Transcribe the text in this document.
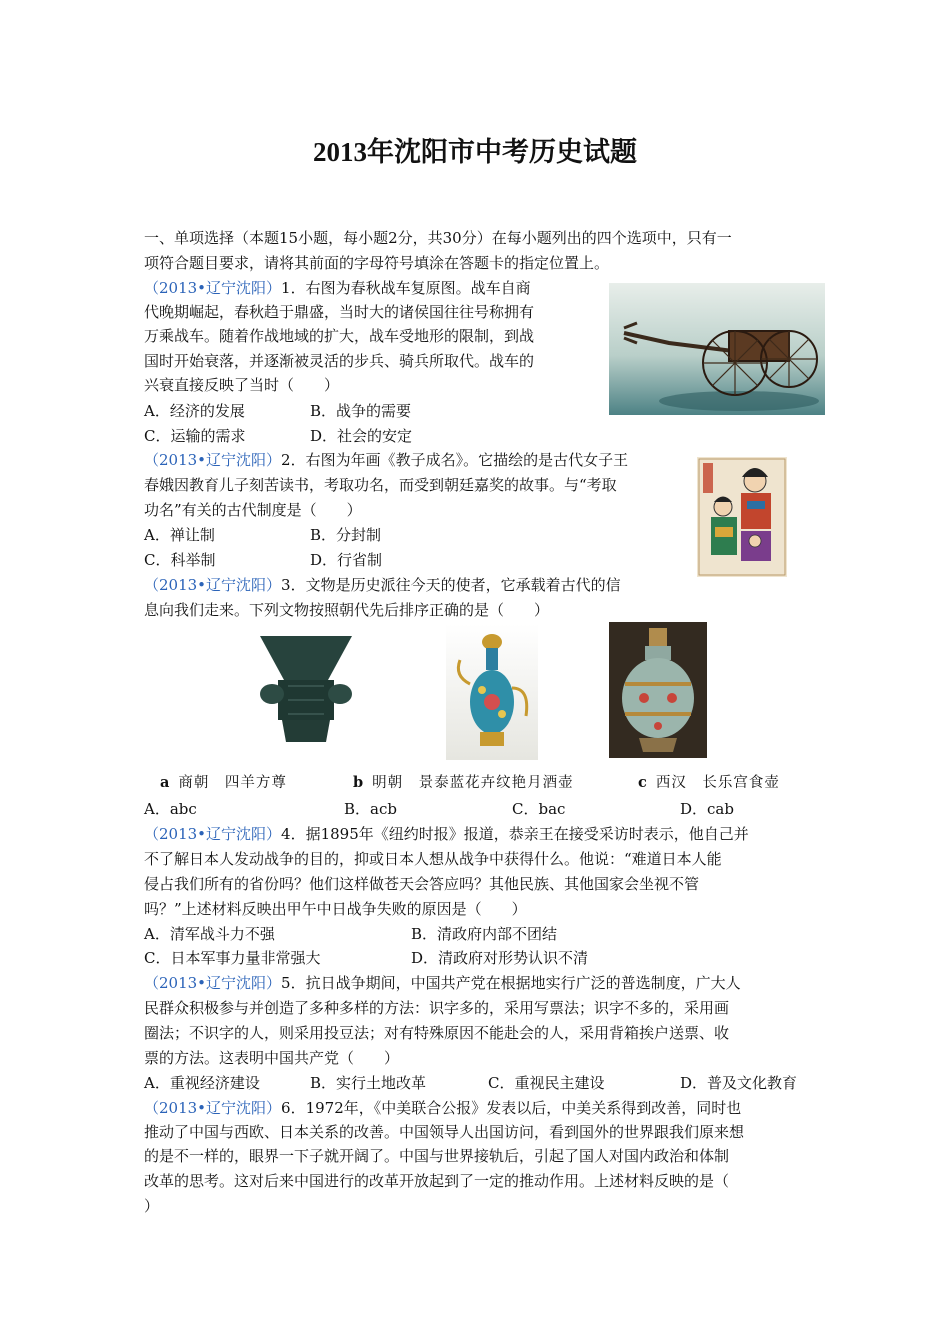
2013年沈阳市中考历史试题
一、单项选择（本题15小题，每小题2分，共30分）在每小题列出的四个选项中，只有一
项符合题目要求，请将其前面的字母符号填涂在答题卡的指定位置上。
（2013•辽宁沈阳）1．右图为春秋战车复原图。战车自商
代晚期崛起，春秋趋于鼎盛，当时大的诸侯国往往号称拥有
万乘战车。随着作战地域的扩大，战车受地形的限制，到战
国时开始衰落，并逐渐被灵活的步兵、骑兵所取代。战车的
兴衰直接反映了当时（　　）
A．经济的发展	B．战争的需要
C．运输的需求	D．社会的安定
（2013•辽宁沈阳）2．右图为年画《教子成名》。它描绘的是古代女子王
春娥因教育儿子刻苦读书，考取功名，而受到朝廷嘉奖的故事。与“考取
功名”有关的古代制度是（　　）
A．禅让制	B．分封制
C．科举制	D．行省制
（2013•辽宁沈阳）3．文物是历史派往今天的使者，它承载着古代的信
息向我们走来。下列文物按照朝代先后排序正确的是（　　）
a 商朝　四羊方尊	b 明朝　景泰蓝花卉纹艳月酒壶	c 西汉　长乐宫食壶
A．abc	B．acb	C．bac	D．cab
（2013•辽宁沈阳）4．据1895年《纽约时报》报道，恭亲王在接受采访时表示，他自己并
不了解日本人发动战争的目的，抑或日本人想从战争中获得什么。他说：“难道日本人能
侵占我们所有的省份吗？他们这样做苍天会答应吗？其他民族、其他国家会坐视不管
吗？”上述材料反映出甲午中日战争失败的原因是（　　）
A．清军战斗力不强	B．清政府内部不团结
C．日本军事力量非常强大	D．清政府对形势认识不清
（2013•辽宁沈阳）5．抗日战争期间，中国共产党在根据地实行广泛的普选制度，广大人
民群众积极参与并创造了多种多样的方法：识字多的，采用写票法；识字不多的，采用画
圈法；不识字的人，则采用投豆法；对有特殊原因不能赴会的人，采用背箱挨户送票、收
票的方法。这表明中国共产党（　　）
A．重视经济建设	B．实行土地改革	C．重视民主建设	D．普及文化教育
（2013•辽宁沈阳）6．1972年，《中美联合公报》发表以后，中美关系得到改善，同时也
推动了中国与西欧、日本关系的改善。中国领导人出国访问，看到国外的世界跟我们原来想
的是不一样的，眼界一下子就开阔了。中国与世界接轨后，引起了国人对国内政治和体制
改革的思考。这对后来中国进行的改革开放起到了一定的推动作用。上述材料反映的是（
）
